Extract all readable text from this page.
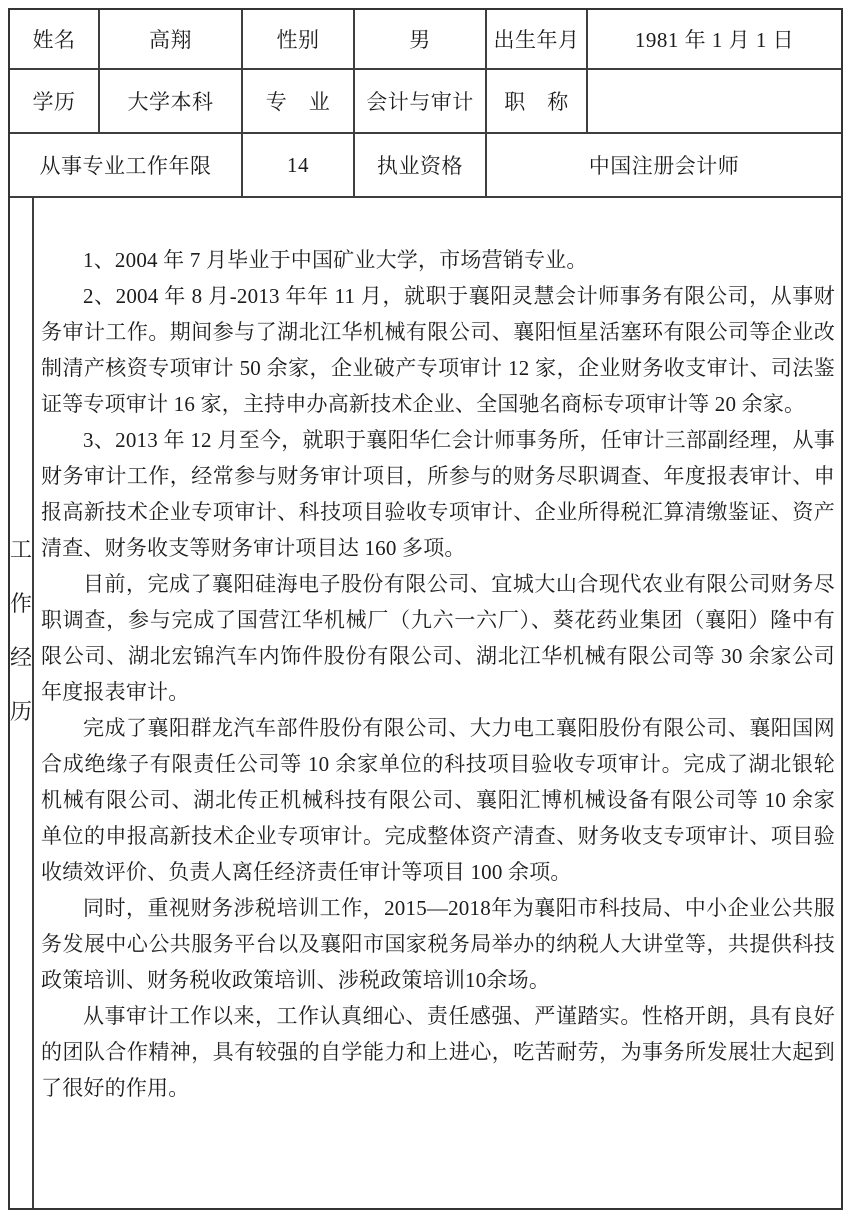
姓名	高翔	性别	男	出生年月	1981 年 1 月 1 日
学历	大学本科	专　业	会计与审计	职　称
从事专业工作年限	14	执业资格	中国注册会计师
工
作
经
历

1、2004 年 7 月毕业于中国矿业大学，市场营销专业。

2、2004 年 8 月-2013 年年 11 月，就职于襄阳灵慧会计师事务有限公司，从事财务审计工作。期间参与了湖北江华机械有限公司、襄阳恒星活塞环有限公司等企业改制清产核资专项审计 50 余家，企业破产专项审计 12 家，企业财务收支审计、司法鉴证等专项审计 16 家，主持申办高新技术企业、全国驰名商标专项审计等 20 余家。

3、2013 年 12 月至今，就职于襄阳华仁会计师事务所，任审计三部副经理，从事财务审计工作，经常参与财务审计项目，所参与的财务尽职调查、年度报表审计、申报高新技术企业专项审计、科技项目验收专项审计、企业所得税汇算清缴鉴证、资产清查、财务收支等财务审计项目达 160 多项。

目前，完成了襄阳硅海电子股份有限公司、宜城大山合现代农业有限公司财务尽职调查，参与完成了国营江华机械厂（九六一六厂）、葵花药业集团（襄阳）隆中有限公司、湖北宏锦汽车内饰件股份有限公司、湖北江华机械有限公司等 30 余家公司年度报表审计。

完成了襄阳群龙汽车部件股份有限公司、大力电工襄阳股份有限公司、襄阳国网合成绝缘子有限责任公司等 10 余家单位的科技项目验收专项审计。完成了湖北银轮机械有限公司、湖北传正机械科技有限公司、襄阳汇博机械设备有限公司等 10 余家单位的申报高新技术企业专项审计。完成整体资产清查、财务收支专项审计、项目验收绩效评价、负责人离任经济责任审计等项目 100 余项。

同时，重视财务涉税培训工作，2015—2018年为襄阳市科技局、中小企业公共服务发展中心公共服务平台以及襄阳市国家税务局举办的纳税人大讲堂等，共提供科技政策培训、财务税收政策培训、涉税政策培训10余场。

从事审计工作以来，工作认真细心、责任感强、严谨踏实。性格开朗，具有良好的团队合作精神，具有较强的自学能力和上进心，吃苦耐劳，为事务所发展壮大起到了很好的作用。
